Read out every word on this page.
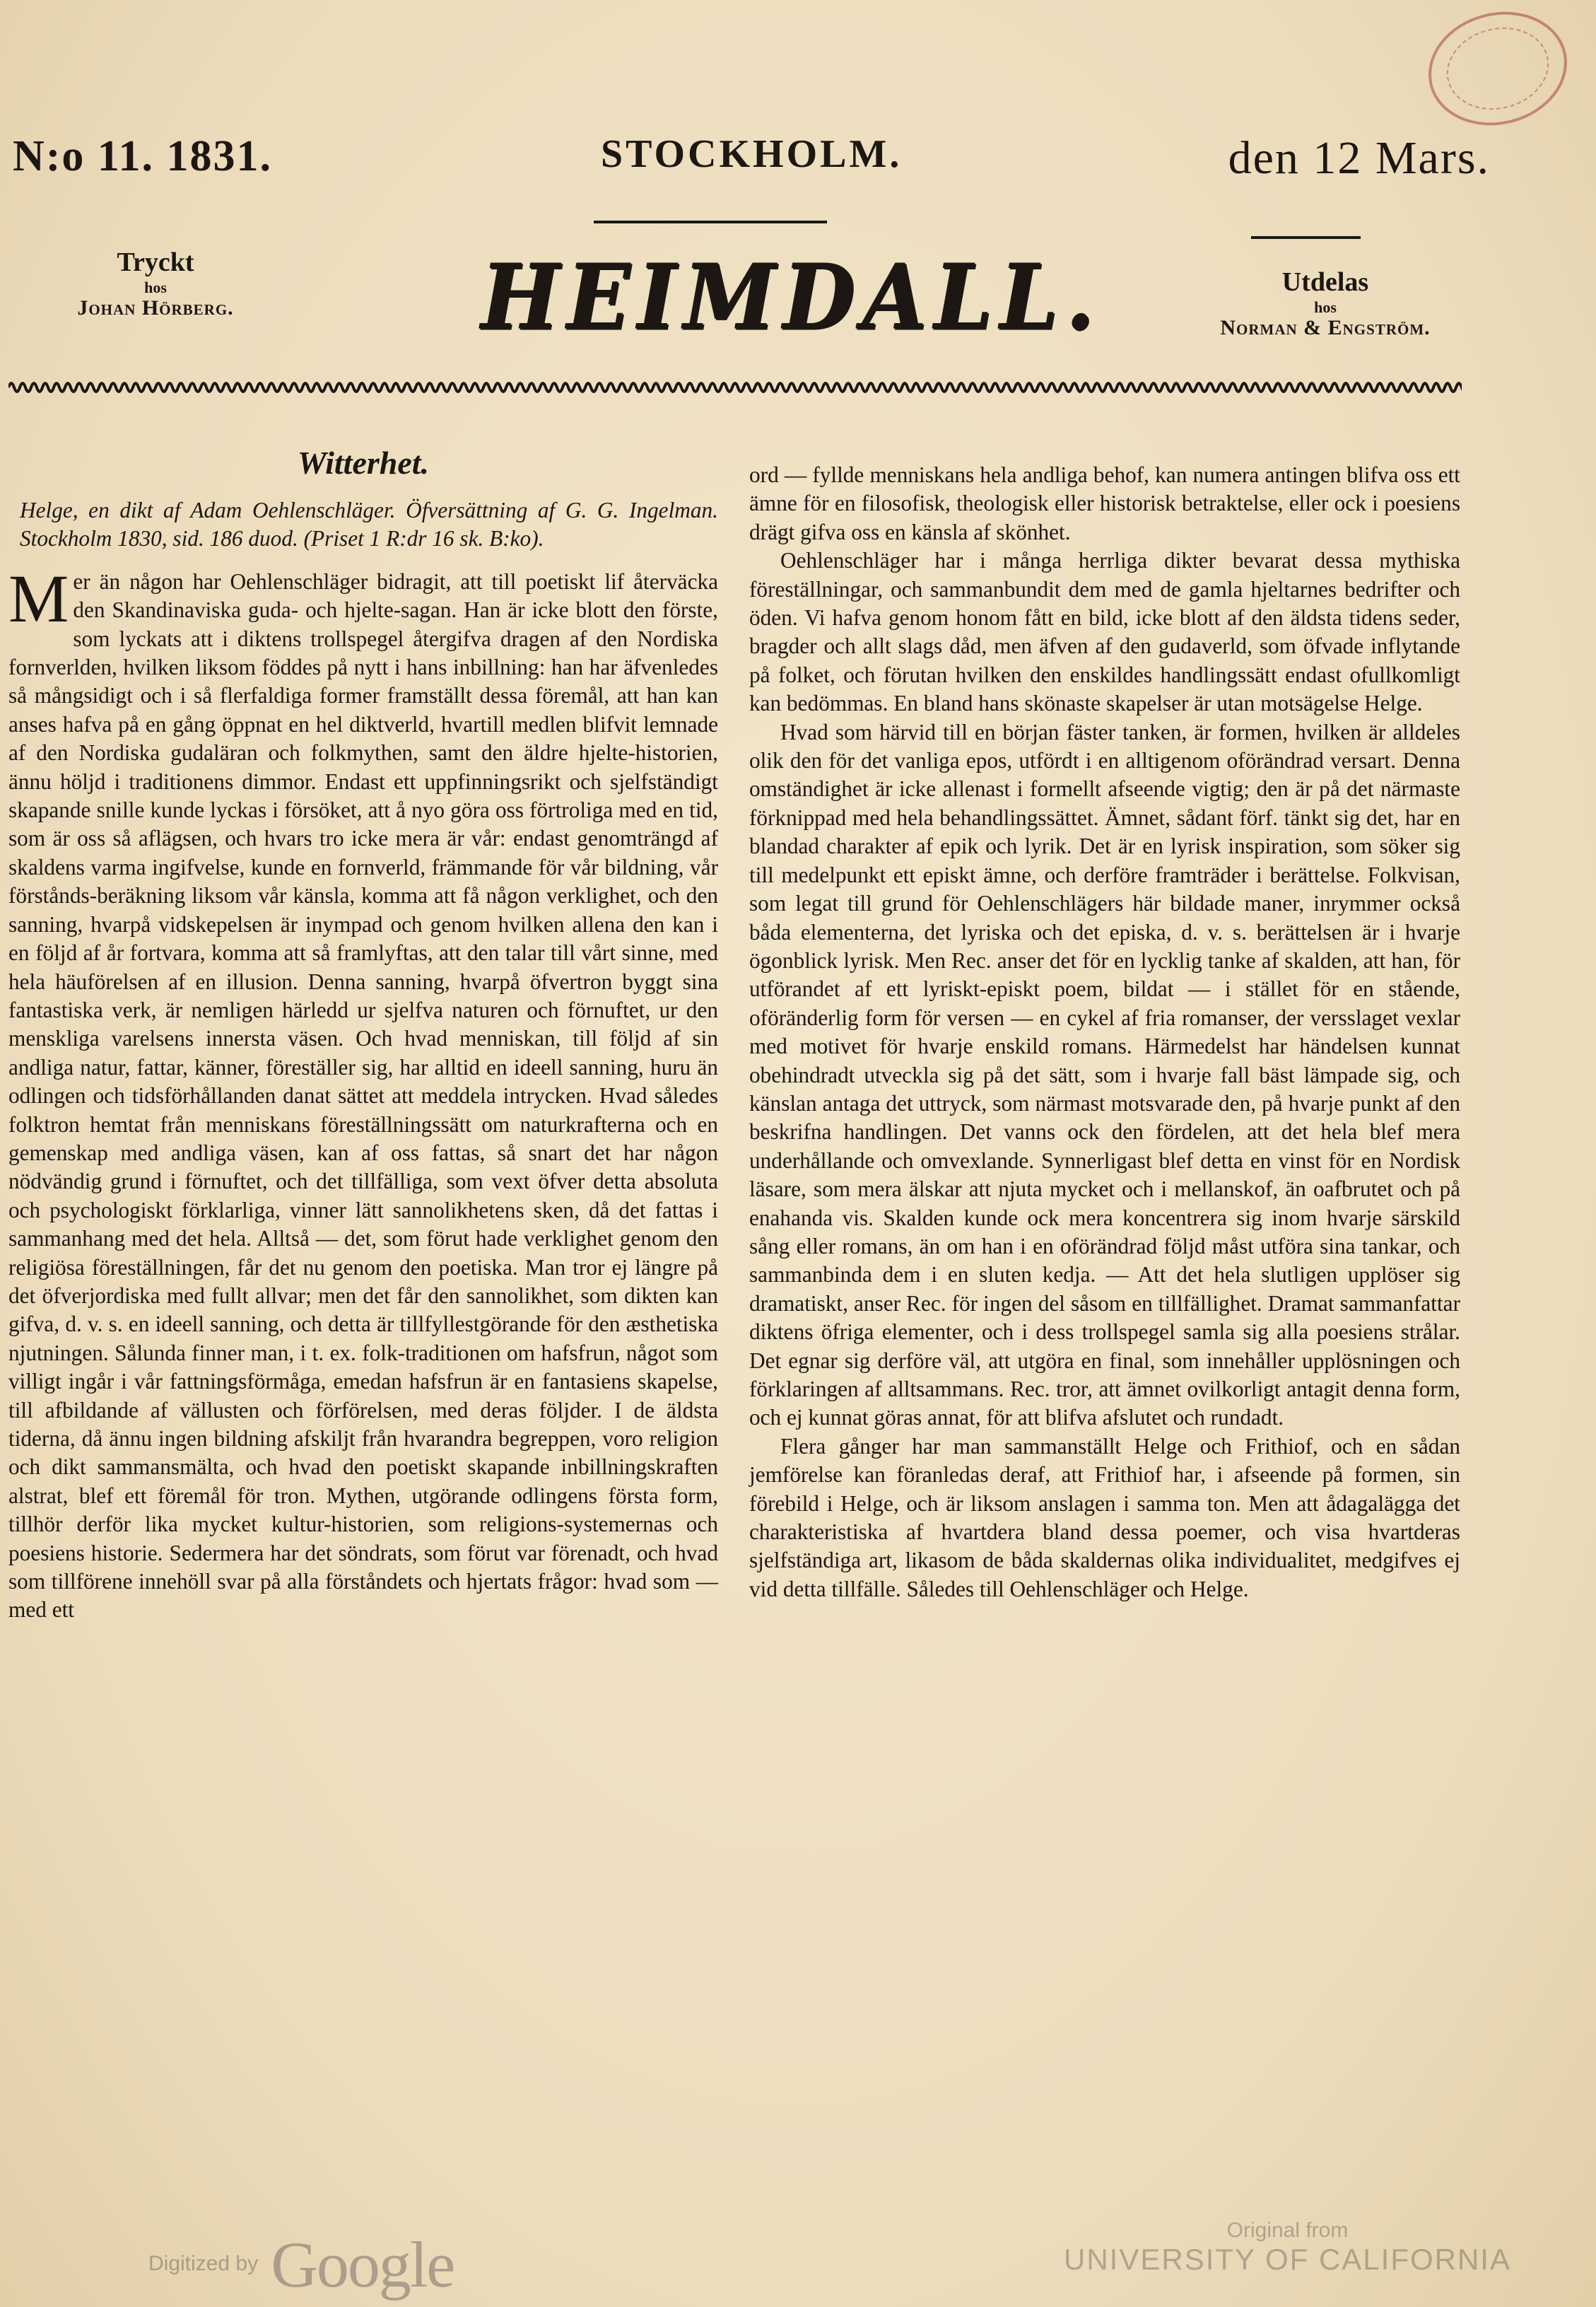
N:o 11. 1831.	STOCKHOLM.	den 12 Mars.
Tryckt
hos
Johan Hörberg.	HEIMDALL.	Utdelas
hos
Norman & Engström.
Witterhet.

Helge, en dikt af Adam Oehlenschläger. Öfversättning af G. G. Ingelman. Stockholm 1830, sid. 186 duod. (Priset 1 R:dr 16 sk. B:ko).

Mer än någon har Oehlenschläger bidragit, att till poetiskt lif återväcka den Skandinaviska guda- och hjelte-sagan. Han är icke blott den förste, som lyckats att i diktens trollspegel återgifva dragen af den Nordiska fornverlden, hvilken liksom föddes på nytt i hans inbillning: han har äfvenledes så mångsidigt och i så flerfaldiga former framställt dessa föremål, att han kan anses hafva på en gång öppnat en hel diktverld, hvartill medlen blifvit lemnade af den Nordiska gudaläran och folkmythen, samt den äldre hjelte-historien, ännu höljd i traditionens dimmor. Endast ett uppfinningsrikt och sjelfständigt skapande snille kunde lyckas i försöket, att å nyo göra oss förtroliga med en tid, som är oss så aflägsen, och hvars tro icke mera är vår: endast genomträngd af skaldens varma ingifvelse, kunde en fornverld, främmande för vår bildning, vår förstånds-beräkning liksom vår känsla, komma att få någon verklighet, och den sanning, hvarpå vidskepelsen är inympad och genom hvilken allena den kan i en följd af år fortvara, komma att så framlyftas, att den talar till vårt sinne, med hela häuförelsen af en illusion. Denna sanning, hvarpå öfvertron byggt sina fantastiska verk, är nemligen härledd ur sjelfva naturen och förnuftet, ur den menskliga varelsens innersta väsen. Och hvad menniskan, till följd af sin andliga natur, fattar, känner, föreställer sig, har alltid en ideell sanning, huru än odlingen och tidsförhållanden danat sättet att meddela intrycken. Hvad således folktron hemtat från menniskans föreställningssätt om naturkrafterna och en gemenskap med andliga väsen, kan af oss fattas, så snart det har någon nödvändig grund i förnuftet, och det tillfälliga, som vext öfver detta absoluta och psychologiskt förklarliga, vinner lätt sannolikhetens sken, då det fattas i sammanhang med det hela. Alltså — det, som förut hade verklighet genom den religiösa föreställningen, får det nu genom den poetiska. Man tror ej längre på det öfverjordiska med fullt allvar; men det får den sannolikhet, som dikten kan gifva, d. v. s. en ideell sanning, och detta är tillfyllestgörande för den æsthetiska njutningen. Sålunda finner man, i t. ex. folk-traditionen om hafsfrun, något som villigt ingår i vår fattningsförmåga, emedan hafsfrun är en fantasiens skapelse, till afbildande af vällusten och förförelsen, med deras följder. I de äldsta tiderna, då ännu ingen bildning afskiljt från hvarandra begreppen, voro religion och dikt sammansmälta, och hvad den poetiskt skapande inbillningskraften alstrat, blef ett föremål för tron. Mythen, utgörande odlingens första form, tillhör derför lika mycket kultur-historien, som religions-systemernas och poesiens historie. Sedermera har det söndrats, som förut var förenadt, och hvad som tillförene innehöll svar på alla förståndets och hjertats frågor: hvad som — med ett

ord — fyllde menniskans hela andliga behof, kan numera antingen blifva oss ett ämne för en filosofisk, theologisk eller historisk betraktelse, eller ock i poesiens drägt gifva oss en känsla af skönhet.

Oehlenschläger har i många herrliga dikter bevarat dessa mythiska föreställningar, och sammanbundit dem med de gamla hjeltarnes bedrifter och öden. Vi hafva genom honom fått en bild, icke blott af den äldsta tidens seder, bragder och allt slags dåd, men äfven af den gudaverld, som öfvade inflytande på folket, och förutan hvilken den enskildes handlingssätt endast ofullkomligt kan bedömmas. En bland hans skönaste skapelser är utan motsägelse Helge.

Hvad som härvid till en början fäster tanken, är formen, hvilken är alldeles olik den för det vanliga epos, utfördt i en alltigenom oförändrad versart. Denna omständighet är icke allenast i formellt afseende vigtig; den är på det närmaste förknippad med hela behandlingssättet. Ämnet, sådant förf. tänkt sig det, har en blandad charakter af epik och lyrik. Det är en lyrisk inspiration, som söker sig till medelpunkt ett episkt ämne, och derföre framträder i berättelse. Folkvisan, som legat till grund för Oehlenschlägers här bildade maner, inrymmer också båda elementerna, det lyriska och det episka, d. v. s. berättelsen är i hvarje ögonblick lyrisk. Men Rec. anser det för en lycklig tanke af skalden, att han, för utförandet af ett lyriskt-episkt poem, bildat — i stället för en stående, oföränderlig form för versen — en cykel af fria romanser, der versslaget vexlar med motivet för hvarje enskild romans. Härmedelst har händelsen kunnat obehindradt utveckla sig på det sätt, som i hvarje fall bäst lämpade sig, och känslan antaga det uttryck, som närmast motsvarade den, på hvarje punkt af den beskrifna handlingen. Det vanns ock den fördelen, att det hela blef mera underhållande och omvexlande. Synnerligast blef detta en vinst för en Nordisk läsare, som mera älskar att njuta mycket och i mellanskof, än oafbrutet och på enahanda vis. Skalden kunde ock mera koncentrera sig inom hvarje särskild sång eller romans, än om han i en oförändrad följd måst utföra sina tankar, och sammanbinda dem i en sluten kedja. — Att det hela slutligen upplöser sig dramatiskt, anser Rec. för ingen del såsom en tillfällighet. Dramat sammanfattar diktens öfriga elementer, och i dess trollspegel samla sig alla poesiens strålar. Det egnar sig derföre väl, att utgöra en final, som innehåller upplösningen och förklaringen af alltsammans. Rec. tror, att ämnet ovilkorligt antagit denna form, och ej kunnat göras annat, för att blifva afslutet och rundadt.

Flera gånger har man sammanställt Helge och Frithiof, och en sådan jemförelse kan föranledas deraf, att Frithiof har, i afseende på formen, sin förebild i Helge, och är liksom anslagen i samma ton. Men att ådagalägga det charakteristiska af hvartdera bland dessa poemer, och visa hvartderas sjelfständiga art, likasom de båda skaldernas olika individualitet, medgifves ej vid detta tillfälle. Således till Oehlenschläger och Helge.

Digitized by Google	Original from
UNIVERSITY OF CALIFORNIA
